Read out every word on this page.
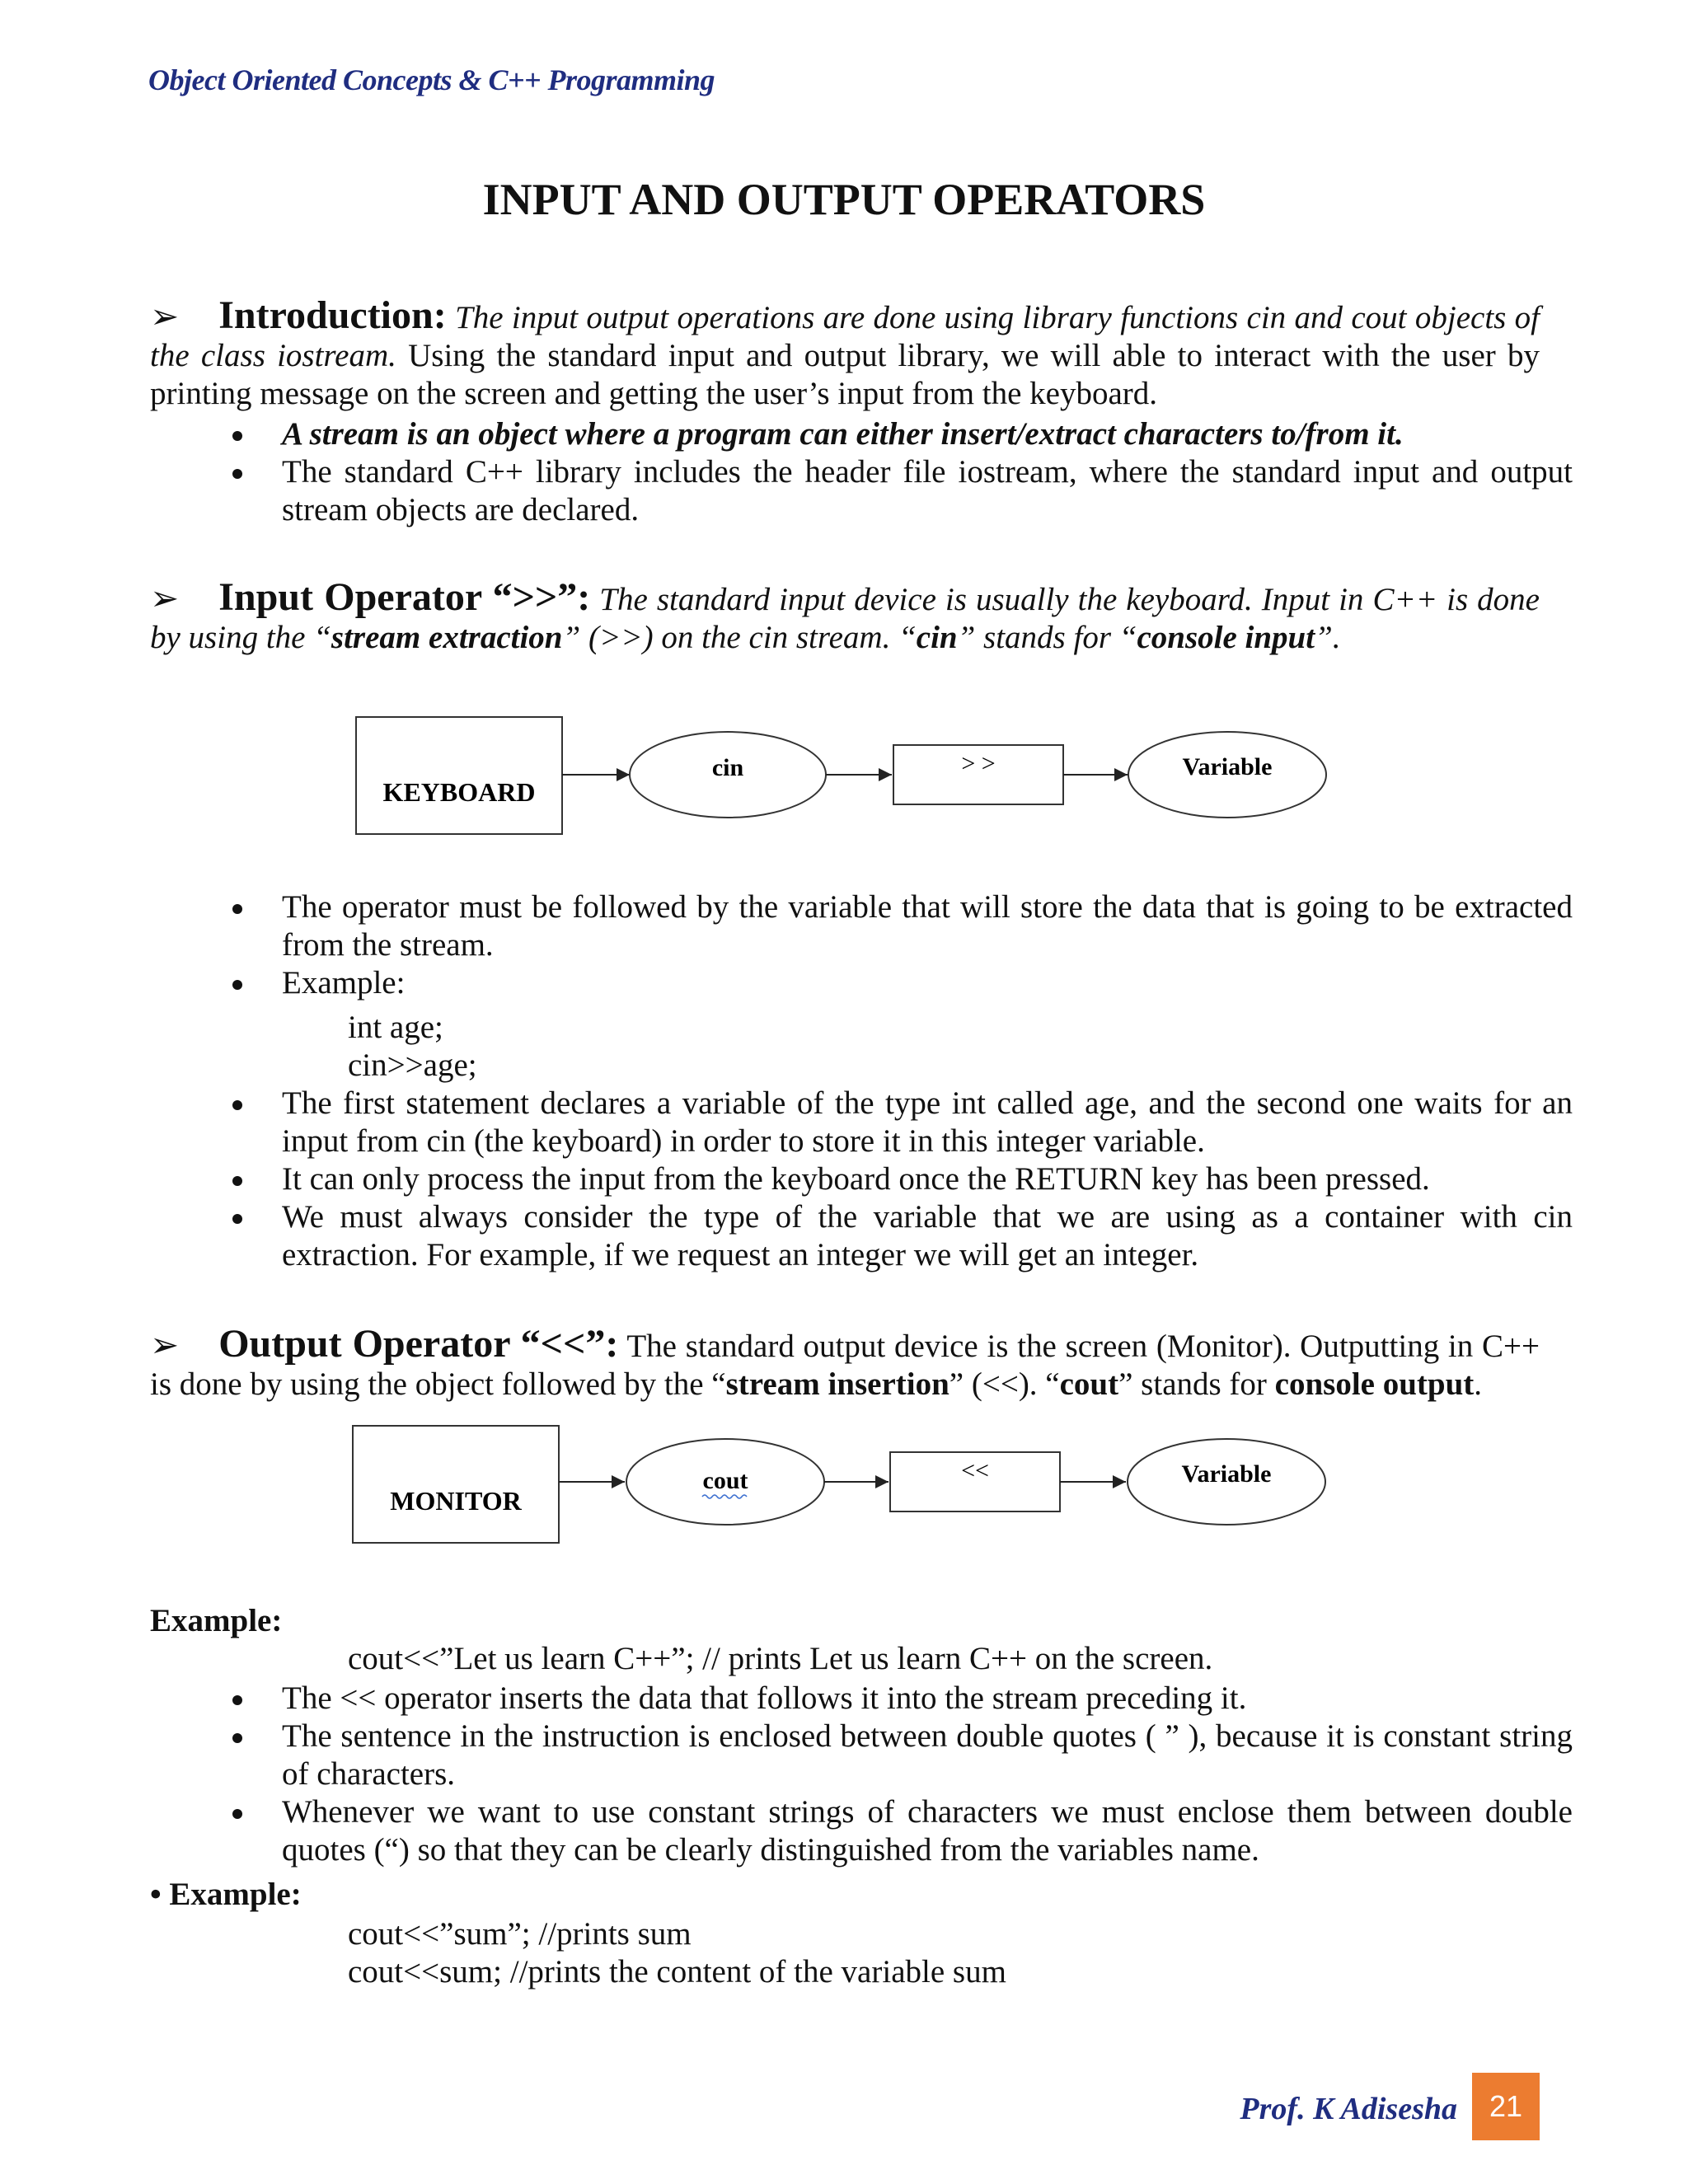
Object Oriented Concepts & C++ Programming
INPUT AND OUTPUT OPERATORS

➢ Introduction: The input output operations are done using library functions cin and cout objects of the class iostream. Using the standard input and output library, we will able to interact with the user by printing message on the screen and getting the user’s input from the keyboard.

A stream is an object where a program can either insert/extract characters to/from it.
The standard C++ library includes the header file iostream, where the standard input and output stream objects are declared.

➢ Input Operator “>>”: The standard input device is usually the keyboard. Input in C++ is done by using the “stream extraction” (>>) on the cin stream. “cin” stands for “console input”.

KEYBOARD
cin	> >	Variable
The operator must be followed by the variable that will store the data that is going to be extracted from the stream.
Example:
int age;
cin>>age;
The first statement declares a variable of the type int called age, and the second one waits for an input from cin (the keyboard) in order to store it in this integer variable.
It can only process the input from the keyboard once the RETURN key has been pressed.
We must always consider the type of the variable that we are using as a container with cin extraction. For example, if we request an integer we will get an integer.

➢ Output Operator “<<”: The standard output device is the screen (Monitor). Outputting in C++ is done by using the object followed by the “stream insertion” (<<). “cout” stands for console output.

MONITOR
cout	<<	Variable
Example:
cout<<”Let us learn C++”; // prints Let us learn C++ on the screen.
The << operator inserts the data that follows it into the stream preceding it.
The sentence in the instruction is enclosed between double quotes ( ” ), because it is constant string of characters.
Whenever we want to use constant strings of characters we must enclose them between double quotes (“) so that they can be clearly distinguished from the variables name.
• Example:
cout<<”sum”; //prints sum
cout<<sum; //prints the content of the variable sum
Prof. K Adisesha	21
